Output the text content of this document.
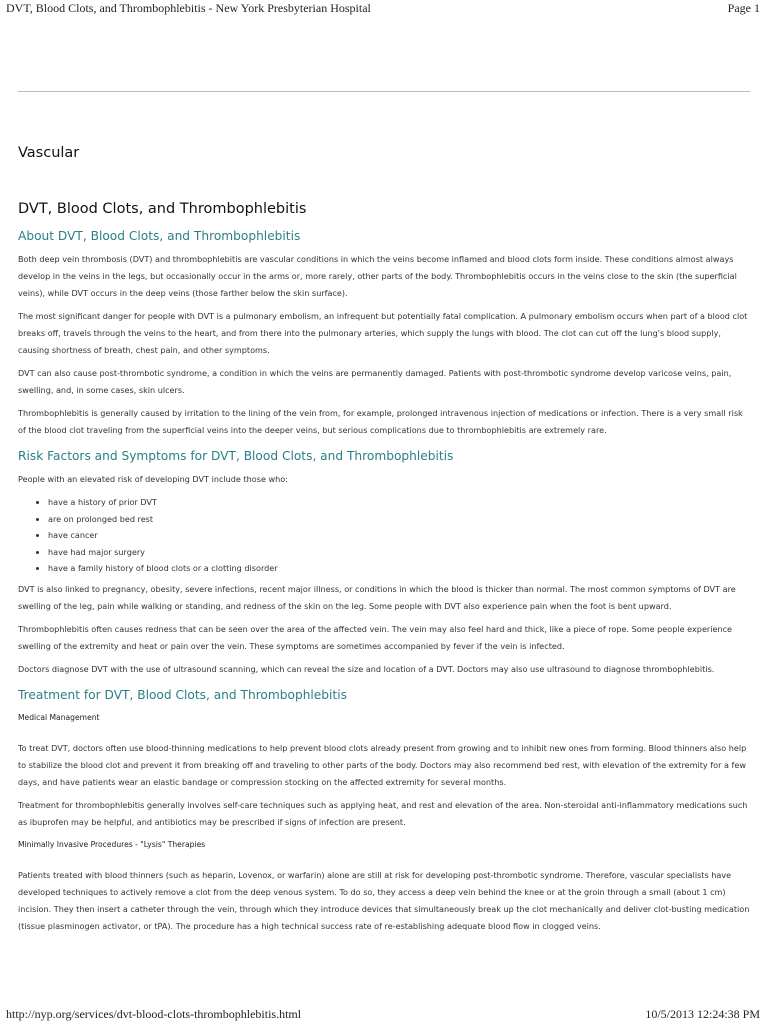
DVT, Blood Clots, and Thrombophlebitis - New York Presbyterian Hospital	Page 1
Vascular
DVT, Blood Clots, and Thrombophlebitis
About DVT, Blood Clots, and Thrombophlebitis

Both deep vein thrombosis (DVT) and thrombophlebitis are vascular conditions in which the veins become inflamed and blood clots form inside. These conditions almost always develop in the veins in the legs, but occasionally occur in the arms or, more rarely, other parts of the body. Thrombophlebitis occurs in the veins close to the skin (the superficial veins), while DVT occurs in the deep veins (those farther below the skin surface).

The most significant danger for people with DVT is a pulmonary embolism, an infrequent but potentially fatal complication. A pulmonary embolism occurs when part of a blood clot breaks off, travels through the veins to the heart, and from there into the pulmonary arteries, which supply the lungs with blood. The clot can cut off the lung's blood supply, causing shortness of breath, chest pain, and other symptoms.

DVT can also cause post-thrombotic syndrome, a condition in which the veins are permanently damaged. Patients with post-thrombotic syndrome develop varicose veins, pain, swelling, and, in some cases, skin ulcers.

Thrombophlebitis is generally caused by irritation to the lining of the vein from, for example, prolonged intravenous injection of medications or infection. There is a very small risk of the blood clot traveling from the superficial veins into the deeper veins, but serious complications due to thrombophlebitis are extremely rare.

Risk Factors and Symptoms for DVT, Blood Clots, and Thrombophlebitis

People with an elevated risk of developing DVT include those who:

• have a history of prior DVT
• are on prolonged bed rest
• have cancer
• have had major surgery
• have a family history of blood clots or a clotting disorder

DVT is also linked to pregnancy, obesity, severe infections, recent major illness, or conditions in which the blood is thicker than normal. The most common symptoms of DVT are swelling of the leg, pain while walking or standing, and redness of the skin on the leg. Some people with DVT also experience pain when the foot is bent upward.

Thrombophlebitis often causes redness that can be seen over the area of the affected vein. The vein may also feel hard and thick, like a piece of rope. Some people experience swelling of the extremity and heat or pain over the vein. These symptoms are sometimes accompanied by fever if the vein is infected.

Doctors diagnose DVT with the use of ultrasound scanning, which can reveal the size and location of a DVT. Doctors may also use ultrasound to diagnose thrombophlebitis.

Treatment for DVT, Blood Clots, and Thrombophlebitis
Medical Management

To treat DVT, doctors often use blood-thinning medications to help prevent blood clots already present from growing and to inhibit new ones from forming. Blood thinners also help to stabilize the blood clot and prevent it from breaking off and traveling to other parts of the body. Doctors may also recommend bed rest, with elevation of the extremity for a few days, and have patients wear an elastic bandage or compression stocking on the affected extremity for several months.

Treatment for thrombophlebitis generally involves self-care techniques such as applying heat, and rest and elevation of the area. Non-steroidal anti-inflammatory medications such as ibuprofen may be helpful, and antibiotics may be prescribed if signs of infection are present.

Minimally Invasive Procedures - "Lysis" Therapies

Patients treated with blood thinners (such as heparin, Lovenox, or warfarin) alone are still at risk for developing post-thrombotic syndrome. Therefore, vascular specialists have developed techniques to actively remove a clot from the deep venous system. To do so, they access a deep vein behind the knee or at the groin through a small (about 1 cm) incision. They then insert a catheter through the vein, through which they introduce devices that simultaneously break up the clot mechanically and deliver clot-busting medication (tissue plasminogen activator, or tPA). The procedure has a high technical success rate of re-establishing adequate blood flow in clogged veins.

http://nyp.org/services/dvt-blood-clots-thrombophlebitis.html	10/5/2013 12:24:38 PM
